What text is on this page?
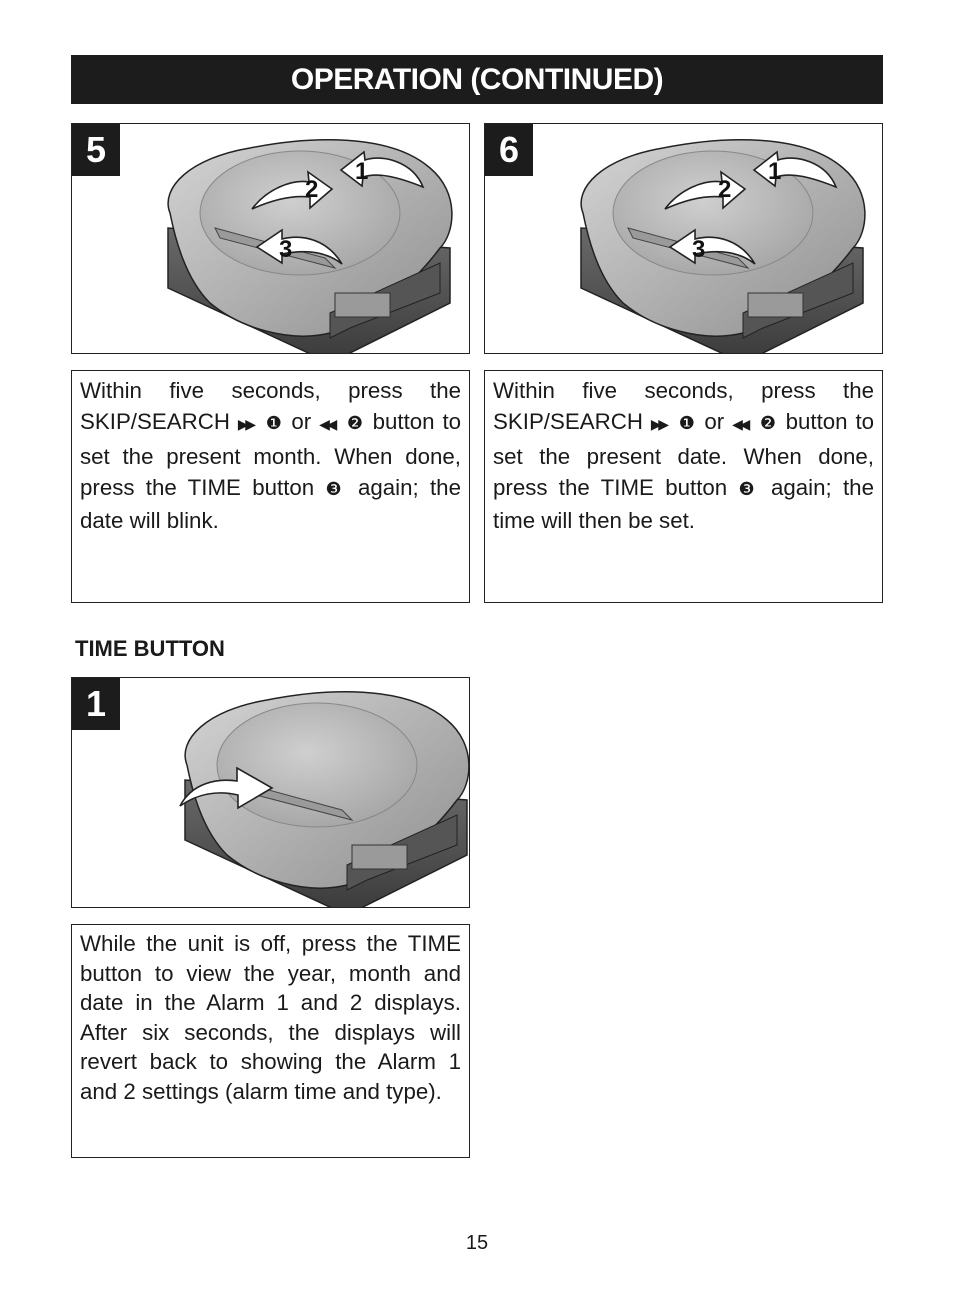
OPERATION (CONTINUED)
1
2
3
5
1
2
3
6

Within five seconds, press the SKIP/SEARCH ▶▶ ❶ or ◀◀ ❷ button to set the present month. When done, press the TIME button ❸ again; the date will blink.

Within five seconds, press the SKIP/SEARCH ▶▶ ❶ or ◀◀ ❷ button to set the present date. When done, press the TIME button ❸ again; the time will then be set.

TIME BUTTON
1

While the unit is off, press the TIME button to view the year, month and date in the Alarm 1 and 2 displays. After six seconds, the displays will revert back to showing the Alarm 1 and 2 settings (alarm time and type).

15
